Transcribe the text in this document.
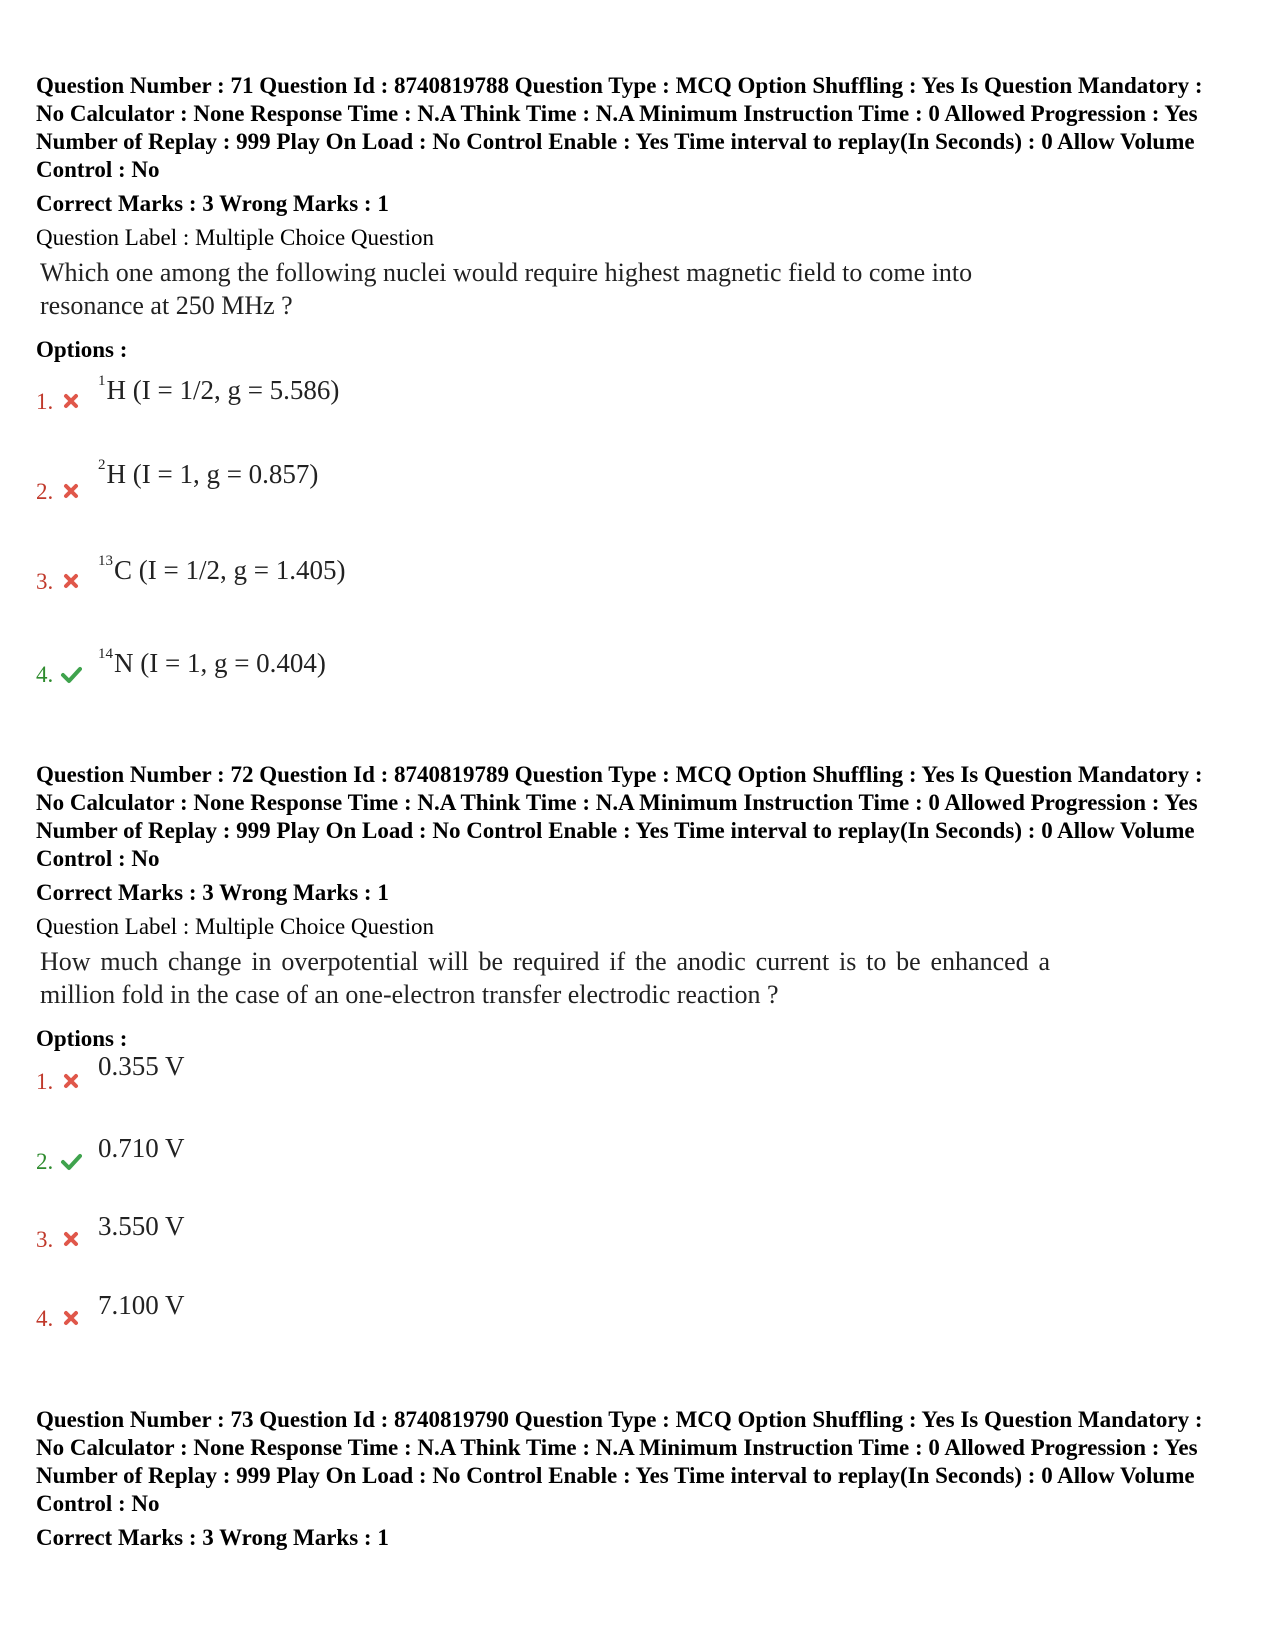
Question Number : 71 Question Id : 8740819788 Question Type : MCQ Option Shuffling : Yes Is Question Mandatory : No Calculator : None Response Time : N.A Think Time : N.A Minimum Instruction Time : 0 Allowed Progression : Yes Number of Replay : 999 Play On Load : No Control Enable : Yes Time interval to replay(In Seconds) : 0 Allow Volume Control : No

Correct Marks : 3 Wrong Marks : 1
Question Label : Multiple Choice Question
Which one among the following nuclei would require highest magnetic field to come into resonance at 250 MHz ?
Options :
1.
$^1$H (I = 1/2, g = 5.586)
2.
$^2$H (I = 1, g = 0.857)
3.
$^{13}$C (I = 1/2, g = 1.405)
4.
$^{14}$N (I = 1, g = 0.404)

Question Number : 72 Question Id : 8740819789 Question Type : MCQ Option Shuffling : Yes Is Question Mandatory : No Calculator : None Response Time : N.A Think Time : N.A Minimum Instruction Time : 0 Allowed Progression : Yes Number of Replay : 999 Play On Load : No Control Enable : Yes Time interval to replay(In Seconds) : 0 Allow Volume Control : No

Correct Marks : 3 Wrong Marks : 1
Question Label : Multiple Choice Question
How much change in overpotential will be required if the anodic current is to be enhanced a million fold in the case of an one-electron transfer electrodic reaction ?
Options :
1.
0.355 V
2. 0.710 V
3. 3.550 V
4. 7.100 V

Question Number : 73 Question Id : 8740819790 Question Type : MCQ Option Shuffling : Yes Is Question Mandatory : No Calculator : None Response Time : N.A Think Time : N.A Minimum Instruction Time : 0 Allowed Progression : Yes Number of Replay : 999 Play On Load : No Control Enable : Yes Time interval to replay(In Seconds) : 0 Allow Volume Control : No

Correct Marks : 3 Wrong Marks : 1
